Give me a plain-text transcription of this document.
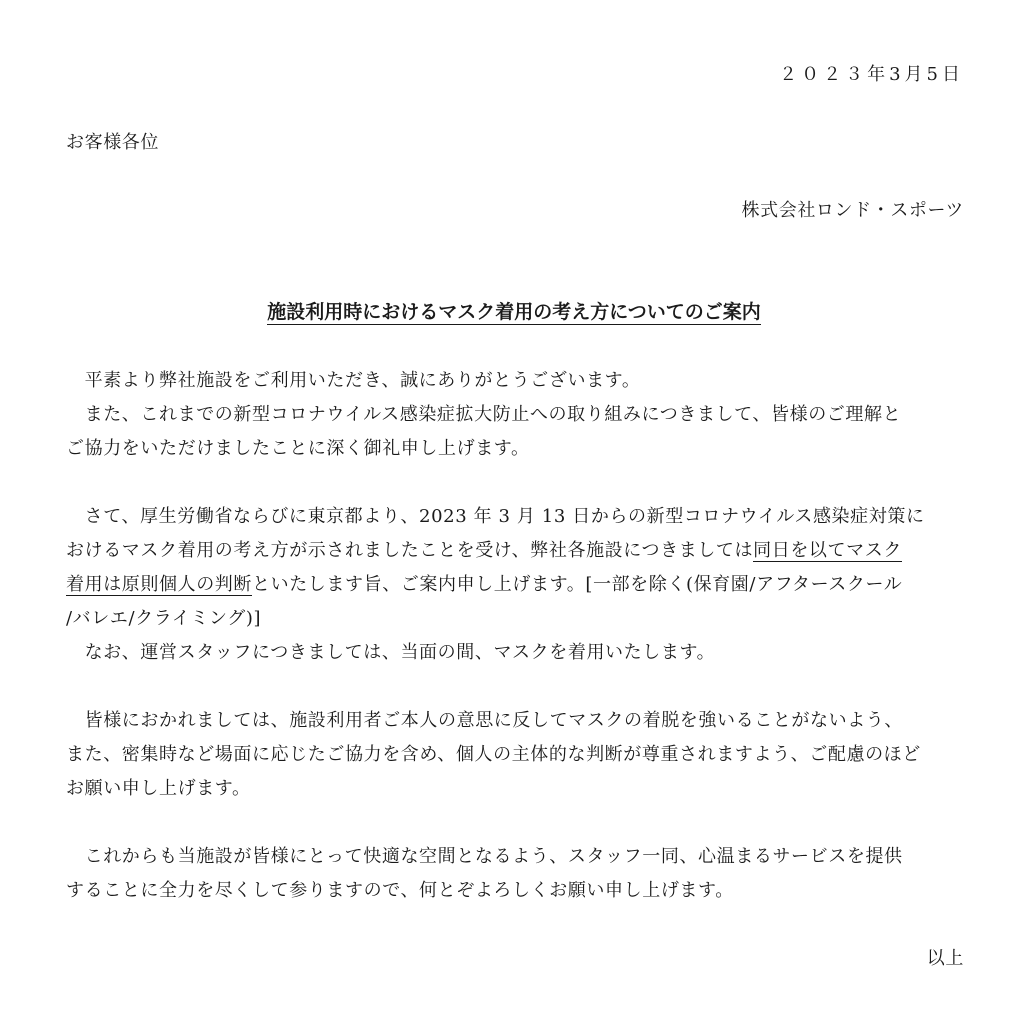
２０２３年3月5日
お客様各位
株式会社ロンド・スポーツ
施設利用時におけるマスク着用の考え方についてのご案内
　平素より弊社施設をご利用いただき、誠にありがとうございます。
　また、これまでの新型コロナウイルス感染症拡大防止への取り組みにつきまして、皆様のご理解と
ご協力をいただけましたことに深く御礼申し上げます。
　さて、厚生労働省ならびに東京都より、2023 年 3 月 13 日からの新型コロナウイルス感染症対策に
おけるマスク着用の考え方が示されましたことを受け、弊社各施設につきましては同日を以てマスク
着用は原則個人の判断といたします旨、ご案内申し上げます。[一部を除く(保育園/アフタースクール
/バレエ/クライミング)]
　なお、運営スタッフにつきましては、当面の間、マスクを着用いたします。
　皆様におかれましては、施設利用者ご本人の意思に反してマスクの着脱を強いることがないよう、
また、密集時など場面に応じたご協力を含め、個人の主体的な判断が尊重されますよう、ご配慮のほど
お願い申し上げます。
　これからも当施設が皆様にとって快適な空間となるよう、スタッフ一同、心温まるサービスを提供
することに全力を尽くして参りますので、何とぞよろしくお願い申し上げます。
以上
